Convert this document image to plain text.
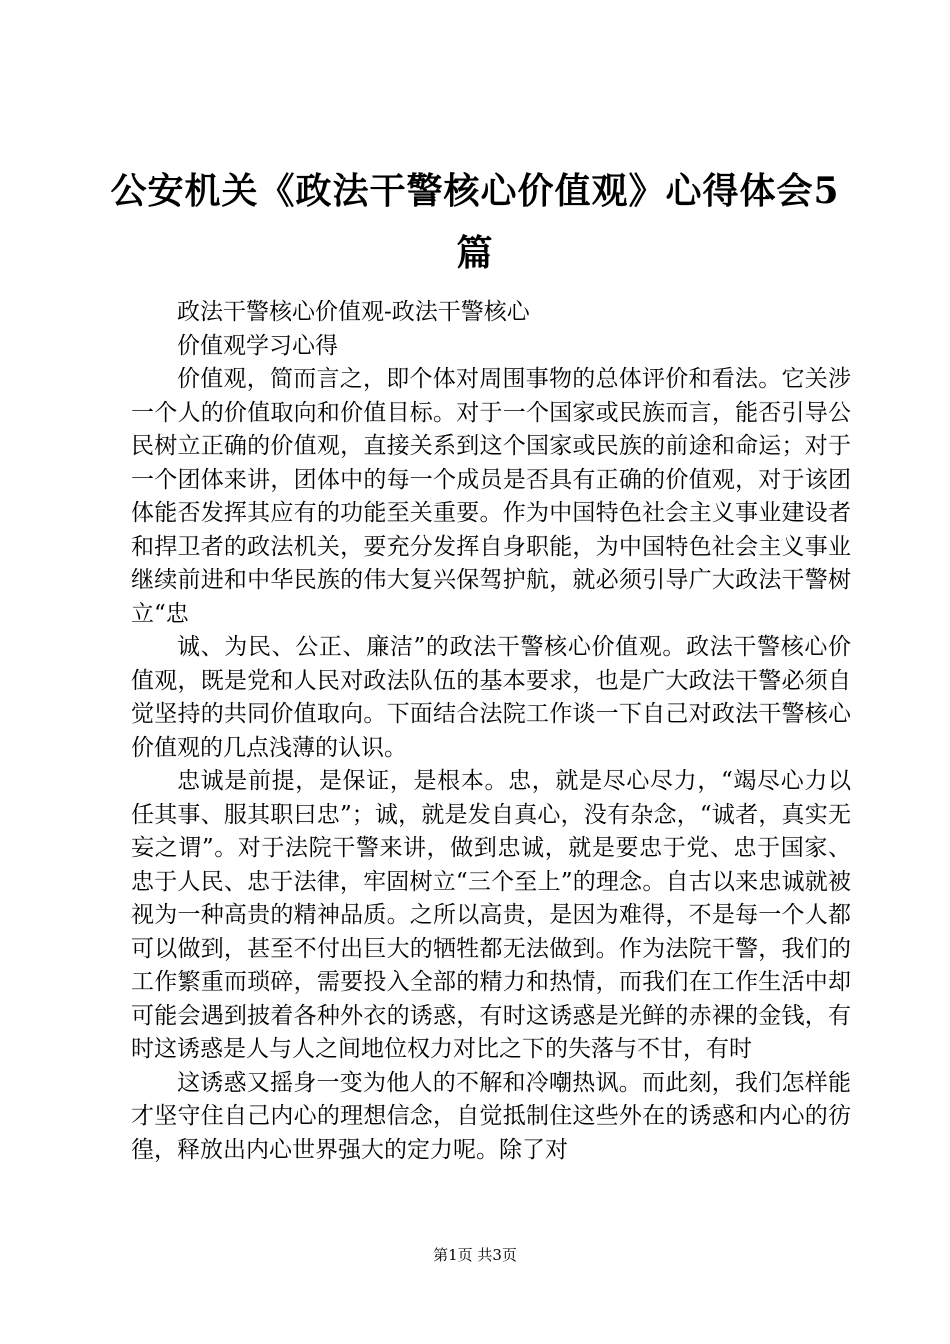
公安机关《政法干警核心价值观》心得体会5篇

政法干警核心价值观-政法干警核心

价值观学习心得

价值观，简而言之，即个体对周围事物的总体评价和看法。它关涉一个人的价值取向和价值目标。对于一个国家或民族而言，能否引导公民树立正确的价值观，直接关系到这个国家或民族的前途和命运；对于一个团体来讲，团体中的每一个成员是否具有正确的价值观，对于该团体能否发挥其应有的功能至关重要。作为中国特色社会主义事业建设者和捍卫者的政法机关，要充分发挥自身职能，为中国特色社会主义事业继续前进和中华民族的伟大复兴保驾护航，就必须引导广大政法干警树立“忠

诚、为民、公正、廉洁”的政法干警核心价值观。政法干警核心价值观，既是党和人民对政法队伍的基本要求，也是广大政法干警必须自觉坚持的共同价值取向。下面结合法院工作谈一下自己对政法干警核心价值观的几点浅薄的认识。

忠诚是前提，是保证，是根本。忠，就是尽心尽力，“竭尽心力以任其事、服其职曰忠”；诚，就是发自真心，没有杂念，“诚者，真实无妄之谓”。对于法院干警来讲，做到忠诚，就是要忠于党、忠于国家、忠于人民、忠于法律，牢固树立“三个至上”的理念。自古以来忠诚就被视为一种高贵的精神品质。之所以高贵，是因为难得，不是每一个人都可以做到，甚至不付出巨大的牺牲都无法做到。作为法院干警，我们的工作繁重而琐碎，需要投入全部的精力和热情，而我们在工作生活中却可能会遇到披着各种外衣的诱惑，有时这诱惑是光鲜的赤裸的金钱，有时这诱惑是人与人之间地位权力对比之下的失落与不甘，有时

这诱惑又摇身一变为他人的不解和冷嘲热讽。而此刻，我们怎样能才坚守住自己内心的理想信念，自觉抵制住这些外在的诱惑和内心的彷徨，释放出内心世界强大的定力呢。除了对

第1页 共3页
